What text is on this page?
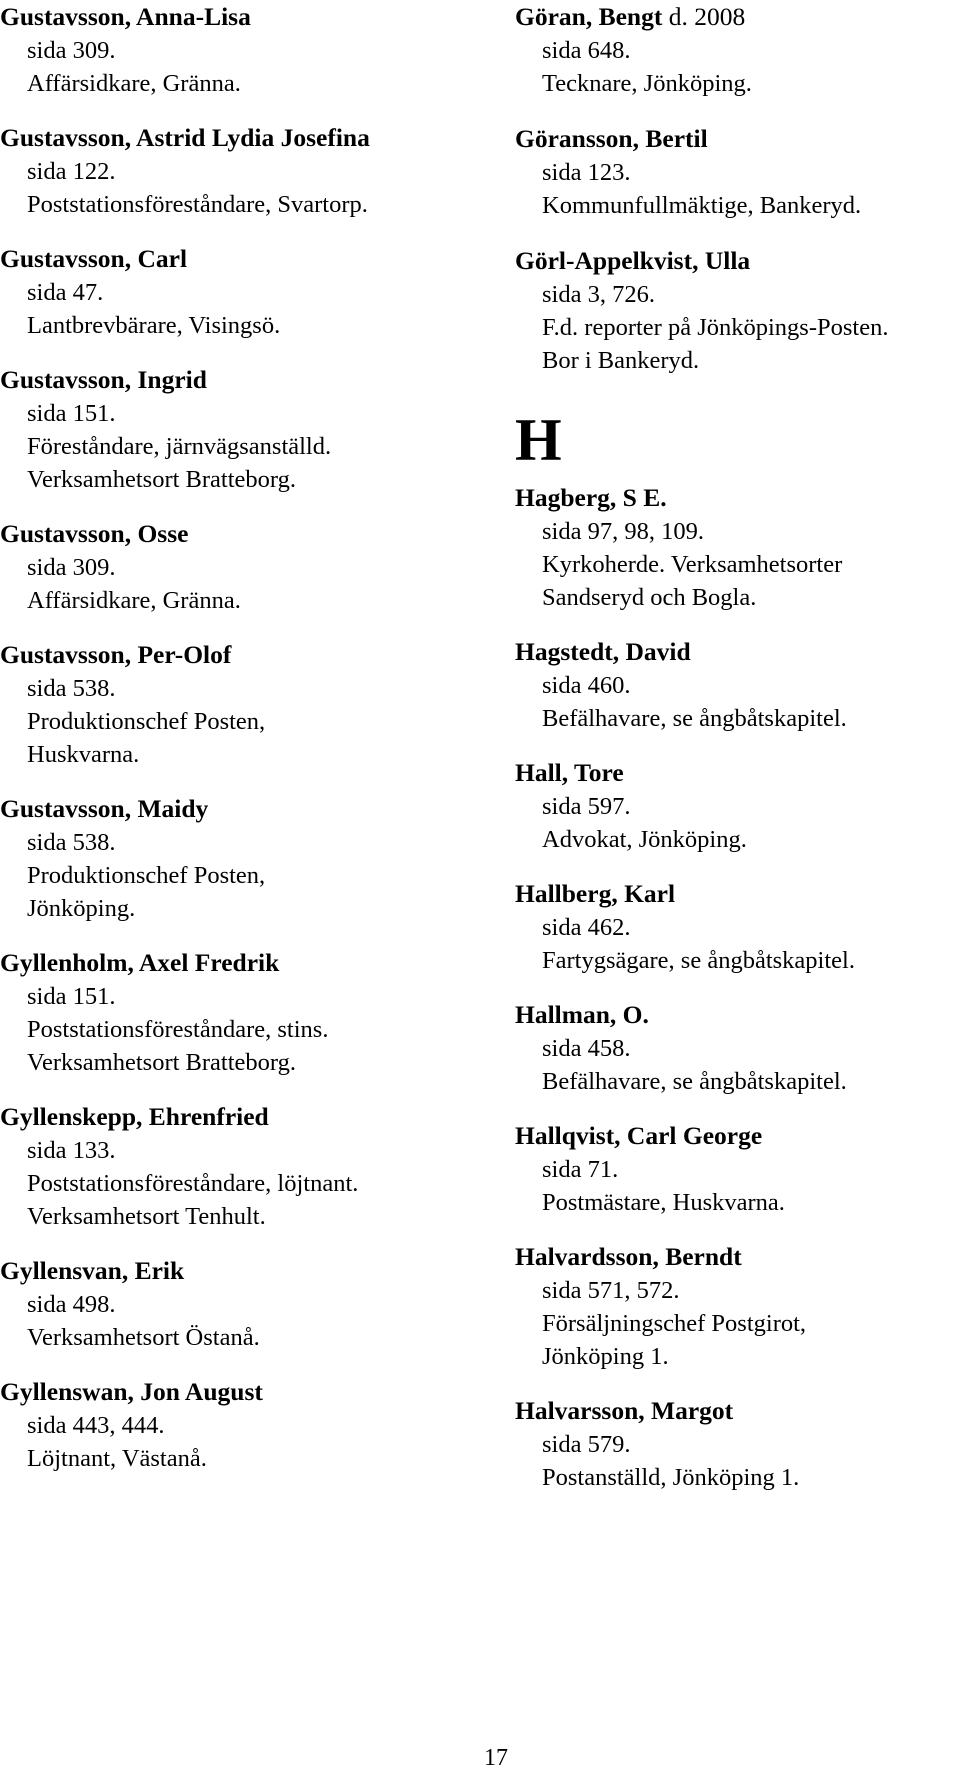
Gustavsson, Anna-Lisa
sida 309.
Affärsidkare, Gränna.
Gustavsson, Astrid Lydia Josefina
sida 122.
Poststationsföreståndare, Svartorp.
Gustavsson, Carl
sida 47.
Lantbrevbärare, Visingsö.
Gustavsson, Ingrid
sida 151.
Föreståndare, järnvägsanställd.
Verksamhetsort Bratteborg.
Gustavsson, Osse
sida 309.
Affärsidkare, Gränna.
Gustavsson, Per-Olof
sida 538.
Produktionschef Posten,
Huskvarna.
Gustavsson, Maidy
sida 538.
Produktionschef Posten,
Jönköping.
Gyllenholm, Axel Fredrik
sida 151.
Poststationsföreståndare, stins.
Verksamhetsort Bratteborg.
Gyllenskepp, Ehrenfried
sida 133.
Poststationsföreståndare, löjtnant.
Verksamhetsort Tenhult.
Gyllensvan, Erik
sida 498.
Verksamhetsort Östanå.
Gyllenswan, Jon August
sida 443, 444.
Löjtnant, Västanå.
Göran, Bengt d. 2008
sida 648.
Tecknare, Jönköping.
Göransson, Bertil
sida 123.
Kommunfullmäktige, Bankeryd.
Görl-Appelkvist, Ulla
sida 3, 726.
F.d. reporter på Jönköpings-Posten.
Bor i Bankeryd.
H
Hagberg, S E.
sida 97, 98, 109.
Kyrkoherde. Verksamhetsorter
Sandseryd och Bogla.
Hagstedt, David
sida 460.
Befälhavare, se ångbåtskapitel.
Hall, Tore
sida 597.
Advokat, Jönköping.
Hallberg, Karl
sida 462.
Fartygsägare, se ångbåtskapitel.
Hallman, O.
sida 458.
Befälhavare, se ångbåtskapitel.
Hallqvist, Carl George
sida 71.
Postmästare, Huskvarna.
Halvardsson, Berndt
sida 571, 572.
Försäljningschef Postgirot,
Jönköping 1.
Halvarsson, Margot
sida 579.
Postanställd, Jönköping 1.
17
